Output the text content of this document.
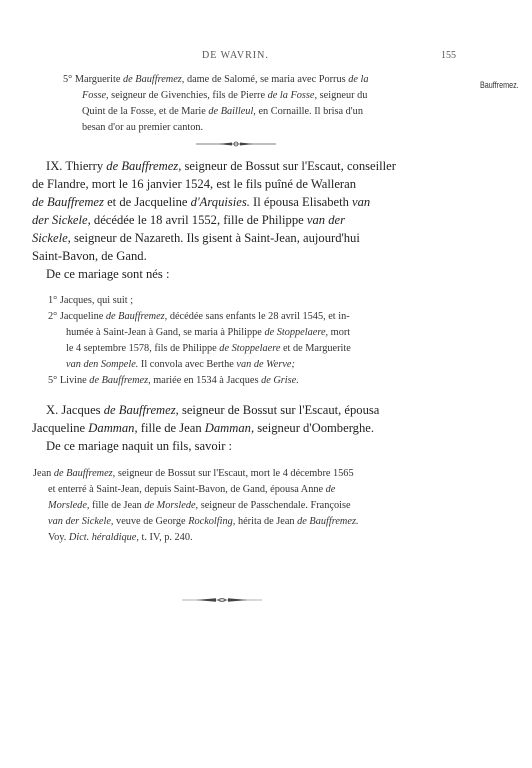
DE WAVRIN.	155
Bauffremez.
5° Marguerite de Bauffremez, dame de Salomé, se maria avec Porrus de la
Fosse, seigneur de Givenchies, fils de Pierre de la Fosse, seigneur du
Quint de la Fosse, et de Marie de Bailleul, en Cornaille. Il brisa d'un
besan d'or au premier canton.
IX. Thierry de Bauffremez, seigneur de Bossut sur l'Escaut, conseiller
de Flandre, mort le 16 janvier 1524, est le fils puîné de Walleran
de Bauffremez et de Jacqueline d'Arquisies. Il épousa Elisabeth van
der Sickele, décédée le 18 avril 1552, fille de Philippe van der
Sickele, seigneur de Nazareth. Ils gisent à Saint-Jean, aujourd'hui
Saint-Bavon, de Gand.
De ce mariage sont nés :
1° Jacques, qui suit ;
2° Jacqueline de Bauffremez, décédée sans enfants le 28 avril 1545, et in-
humée à Saint-Jean à Gand, se maria à Philippe de Stoppelaere, mort
le 4 septembre 1578, fils de Philippe de Stoppelaere et de Marguerite
van den Sompele. Il convola avec Berthe van de Werve;
5° Livine de Bauffremez, mariée en 1534 à Jacques de Grise.
X. Jacques de Bauffremez, seigneur de Bossut sur l'Escaut, épousa
Jacqueline Damman, fille de Jean Damman, seigneur d'Oomberghe.
De ce mariage naquit un fils, savoir :
Jean de Bauffremez, seigneur de Bossut sur l'Escaut, mort le 4 décembre 1565
et enterré à Saint-Jean, depuis Saint-Bavon, de Gand, épousa Anne de
Morslede, fille de Jean de Morslede, seigneur de Passchendale. Françoise
van der Sickele, veuve de George Rockolfing, hérita de Jean de Bauffremez.
Voy. Dict. héraldique, t. IV, p. 240.
